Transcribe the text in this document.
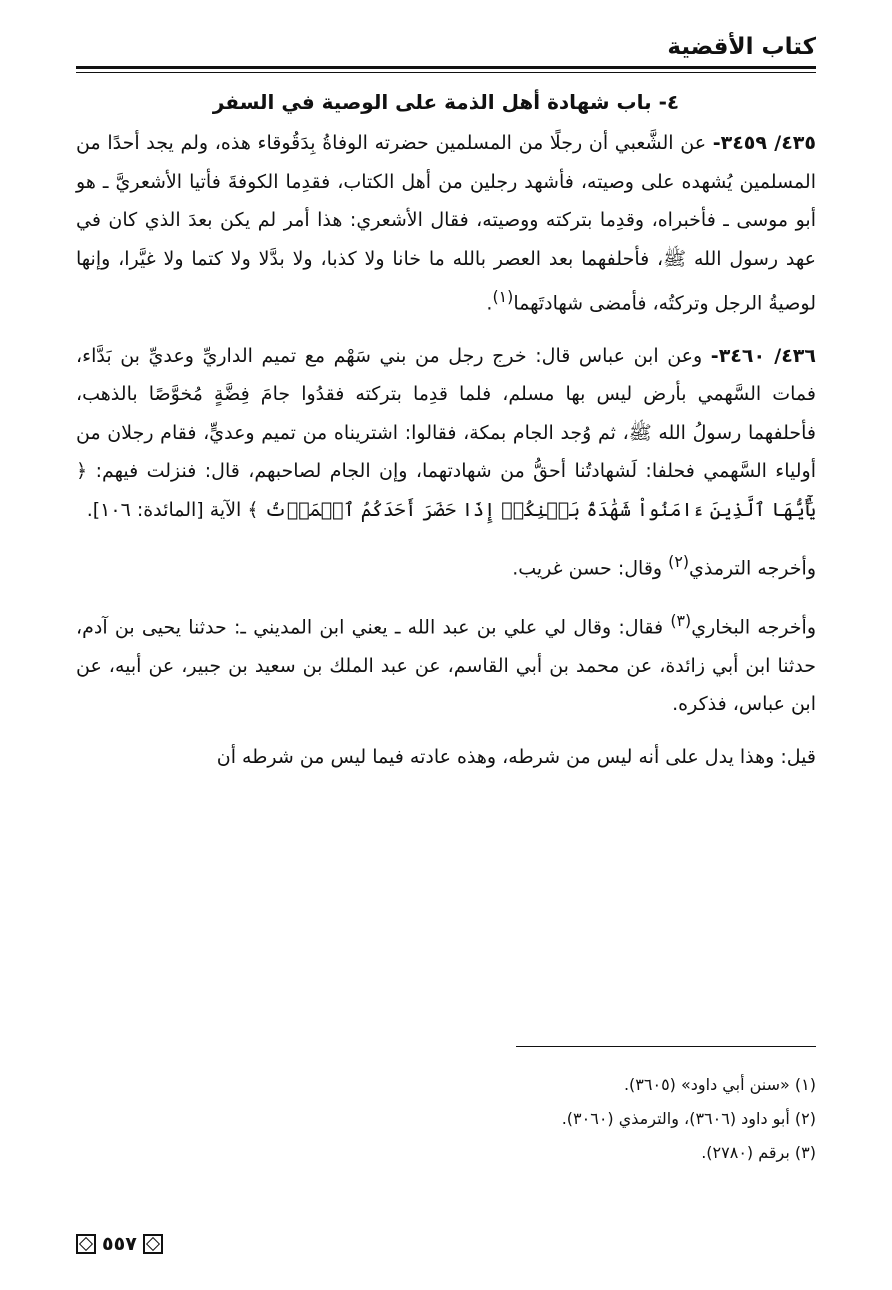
كتاب الأقضية
٤- باب شهادة أهل الذمة على الوصية في السفر

٤٣٥/ ٣٤٥٩- عن الشَّعبي أن رجلًا من المسلمين حضرته الوفاةُ بِدَقُوقاء هذه، ولم يجد أحدًا من المسلمين يُشهده على وصيته، فأشهد رجلين من أهل الكتاب، فقدِما الكوفةَ فأتيا الأشعريَّ ـ هو أبو موسى ـ فأخبراه، وقدِما بتركته ووصيته، فقال الأشعري: هذا أمر لم يكن بعدَ الذي كان في عهد رسول الله ﷺ، فأحلفهما بعد العصر بالله ما خانا ولا كذبا، ولا بدَّلا ولا كتما ولا غيَّرا، وإنها لوصيةُ الرجل وتركتُه، فأمضى شهادتَهما$^{(١)}$.

٤٣٦/ ٣٤٦٠- وعن ابن عباس قال: خرج رجل من بني سَهْم مع تميم الداريِّ وعديِّ بن بَدَّاء، فمات السَّهمي بأرض ليس بها مسلم، فلما قدِما بتركته فقدُوا جامَ فِضَّةٍ مُخوَّصًا بالذهب، فأحلفهما رسولُ الله ﷺ، ثم وُجد الجام بمكة، فقالوا: اشتريناه من تميم وعديٍّ، فقام رجلان من أولياء السَّهمي فحلفا: لَشهادتُنا أحقُّ من شهادتهما، وإن الجام لصاحبهم، قال: فنزلت فيهم: ﴿ يَٰٓأَيُّهَا ٱلَّذِينَ ءَامَنُواْ شَهَٰدَةُ بَيۡنِكُمۡ إِذَا حَضَرَ أَحَدَكُمُ ٱلۡمَوۡتُ ﴾ الآية [المائدة: ١٠٦].

وأخرجه الترمذي$^{(٢)}$ وقال: حسن غريب.

وأخرجه البخاري$^{(٣)}$ فقال: وقال لي علي بن عبد الله ـ يعني ابن المديني ـ: حدثنا يحيى بن آدم، حدثنا ابن أبي زائدة، عن محمد بن أبي القاسم، عن عبد الملك بن سعيد بن جبير، عن أبيه، عن ابن عباس، فذكره.

قيل: وهذا يدل على أنه ليس من شرطه، وهذه عادته فيما ليس من شرطه أن

(١) «سنن أبي داود» (٣٦٠٥).
(٢) أبو داود (٣٦٠٦)، والترمذي (٣٠٦٠).
(٣) برقم (٢٧٨٠).
٥٥٧
